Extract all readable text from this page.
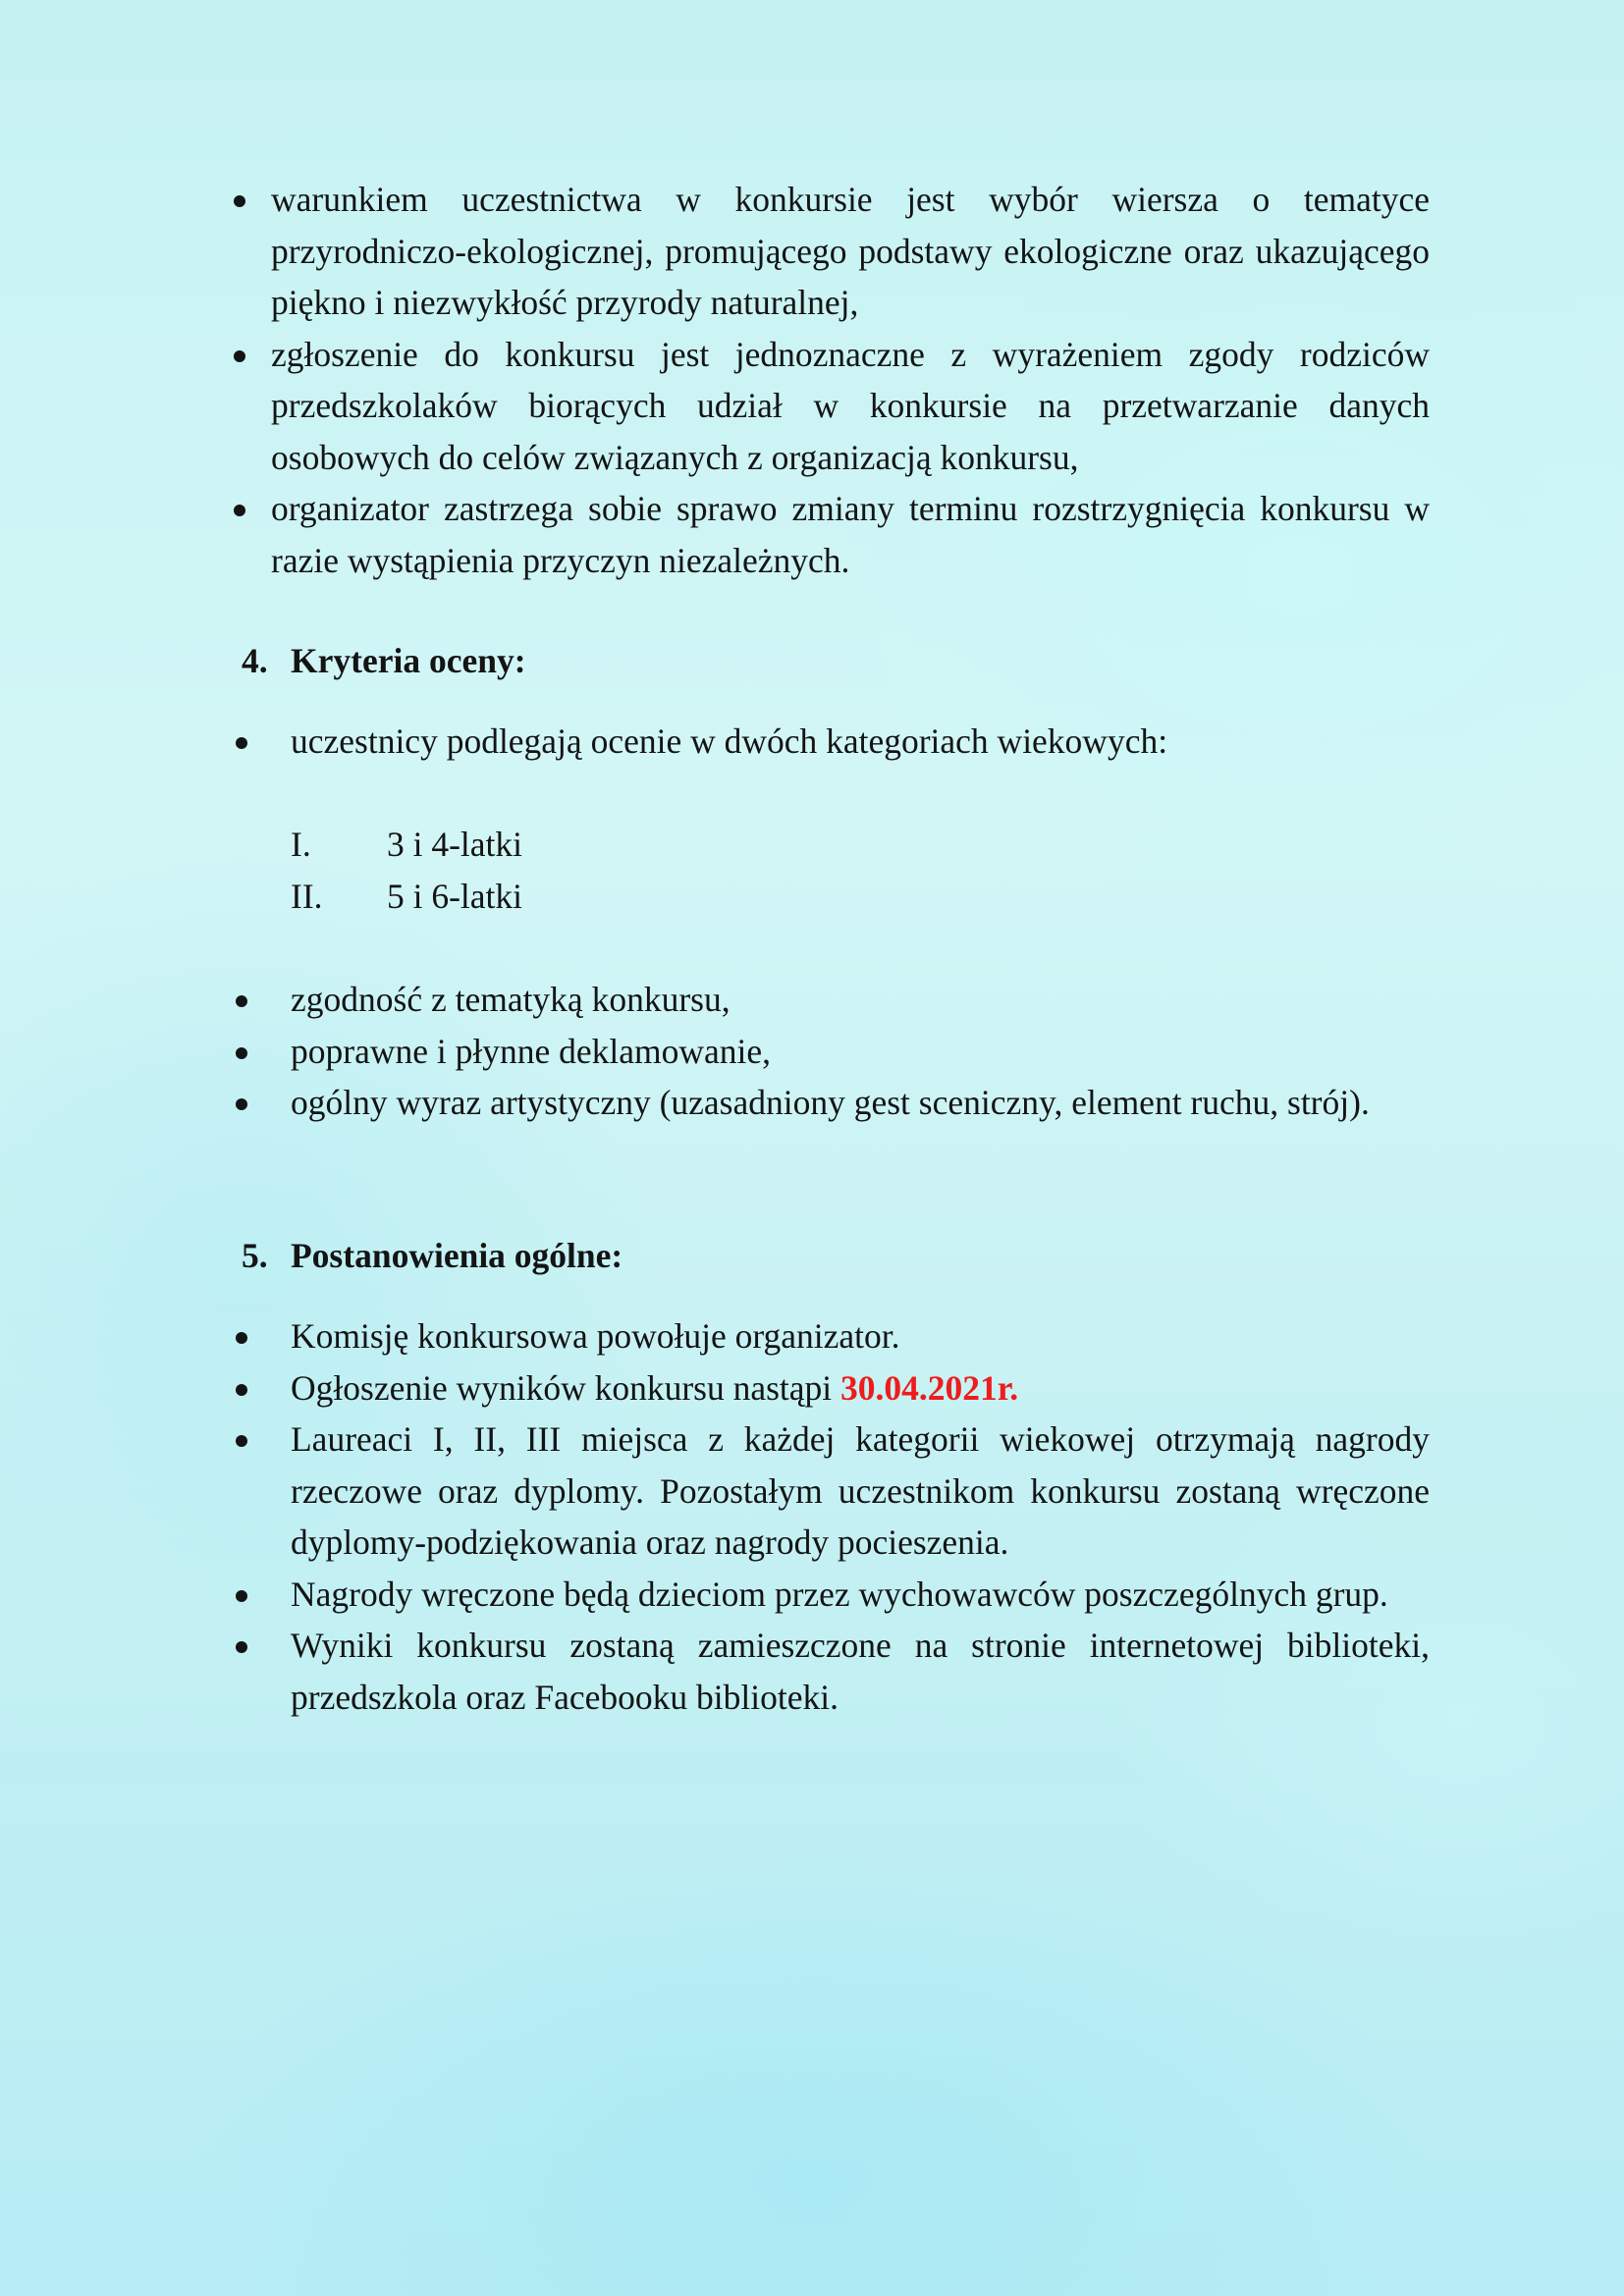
warunkiem uczestnictwa w konkursie jest wybór wiersza o tematyce przyrodniczo-ekologicznej, promującego podstawy ekologiczne oraz ukazującego piękno i niezwykłość przyrody naturalnej,
zgłoszenie do konkursu jest jednoznaczne z wyrażeniem zgody rodziców przedszkolaków biorących udział w konkursie na przetwarzanie danych osobowych do celów związanych z organizacją konkursu,
organizator zastrzega sobie sprawo zmiany terminu rozstrzygnięcia konkursu w razie wystąpienia przyczyn niezależnych.
4. Kryteria oceny:
uczestnicy podlegają ocenie w dwóch kategoriach wiekowych:
I. 3 i 4-latki
II. 5 i 6-latki
zgodność z tematyką konkursu,
poprawne i płynne deklamowanie,
ogólny wyraz artystyczny (uzasadniony gest sceniczny, element ruchu, strój).
5. Postanowienia ogólne:
Komisję konkursowa powołuje organizator.
Ogłoszenie wyników konkursu nastąpi 30.04.2021r.
Laureaci I, II, III miejsca z każdej kategorii wiekowej otrzymają nagrody rzeczowe oraz dyplomy. Pozostałym uczestnikom konkursu zostaną wręczone dyplomy-podziękowania oraz nagrody pocieszenia.
Nagrody wręczone będą dzieciom przez wychowawców poszczególnych grup.
Wyniki konkursu zostaną zamieszczone na stronie internetowej biblioteki, przedszkola oraz Facebooku biblioteki.
